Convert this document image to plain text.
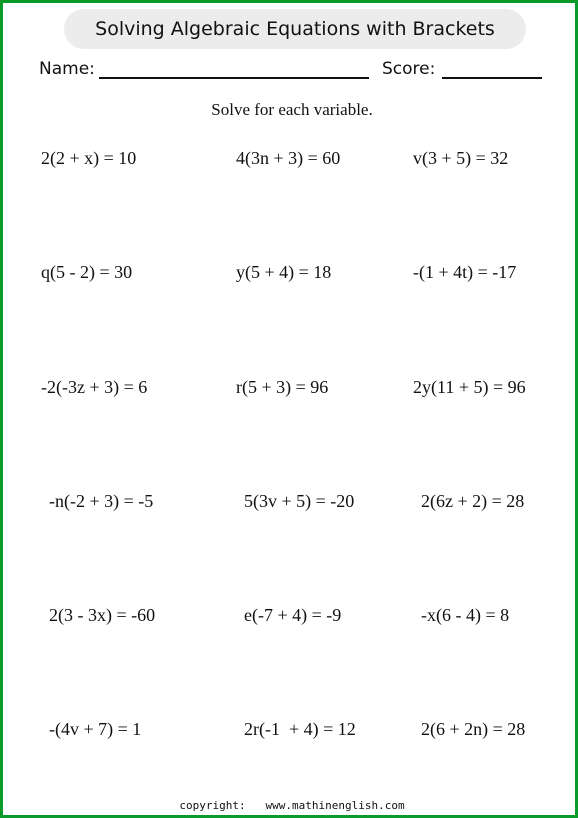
Solving Algebraic Equations with Brackets
Name:	Score:
Solve for each variable.
2(2 + x) = 10	4(3n + 3) = 60	v(3 + 5) = 32
q(5 - 2) = 30	y(5 + 4) = 18	-(1 + 4t) = -17
-2(-3z + 3) = 6	r(5 + 3) = 96	2y(11 + 5) = 96
-n(-2 + 3) = -5	5(3v + 5) = -20	2(6z + 2) = 28
2(3 - 3x) = -60	e(-7 + 4) = -9	-x(6 - 4) = 8
-(4v + 7) = 1	2r(-1  + 4) = 12	2(6 + 2n) = 28
copyright:   www.mathinenglish.com
